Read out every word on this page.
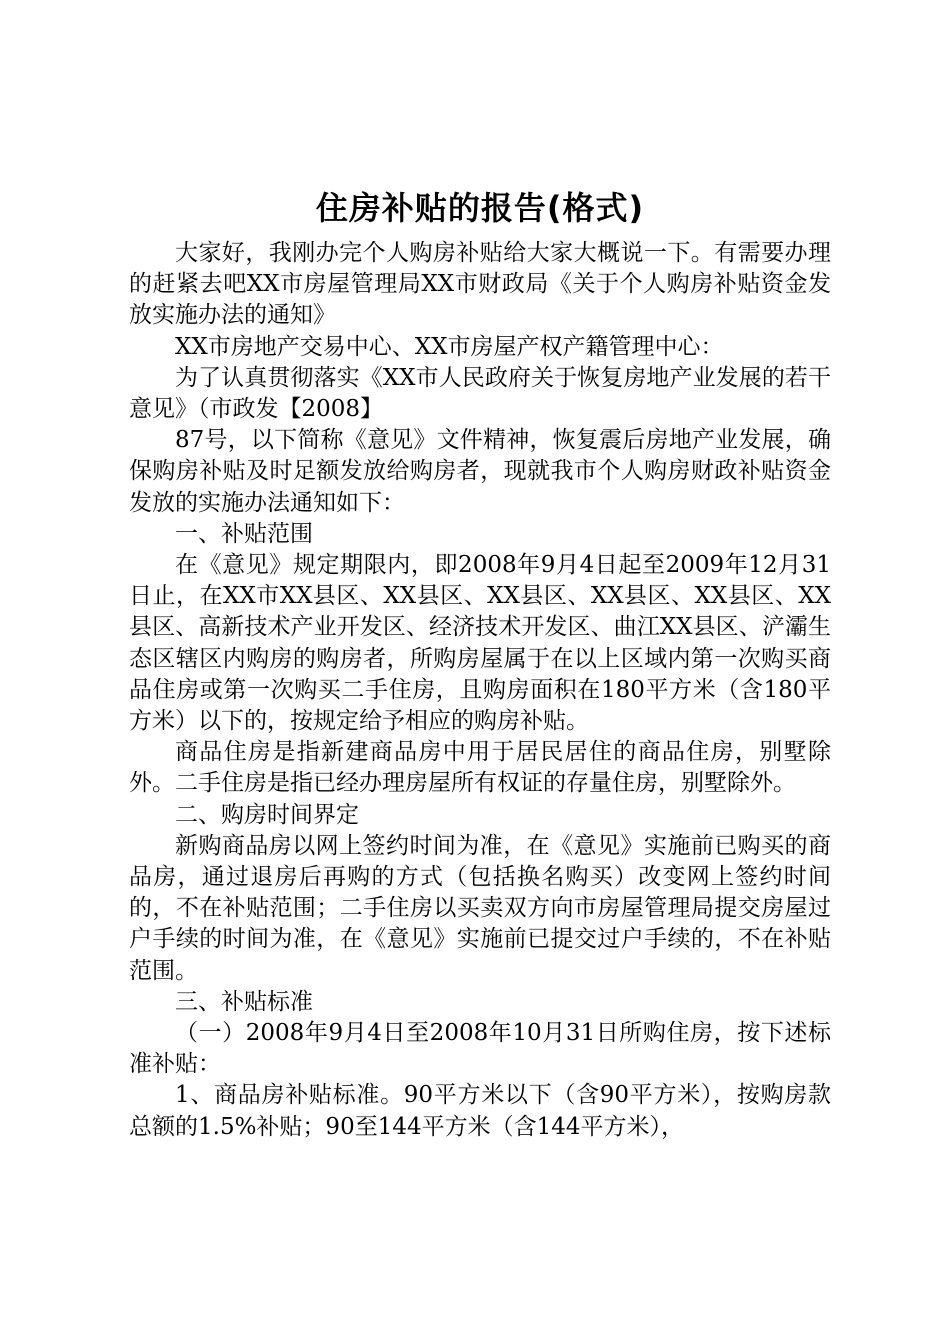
住房补贴的报告(格式)

大家好，我刚办完个人购房补贴给大家大概说一下。有需要办理的赶紧去吧XX市房屋管理局XX市财政局《关于个人购房补贴资金发放实施办法的通知》

XX市房地产交易中心、XX市房屋产权产籍管理中心：

为了认真贯彻落实《XX市人民政府关于恢复房地产业发展的若干意见》（市政发【2008】

87号，以下简称《意见》文件精神，恢复震后房地产业发展，确保购房补贴及时足额发放给购房者，现就我市个人购房财政补贴资金发放的实施办法通知如下：

一、补贴范围

在《意见》规定期限内，即2008年9月4日起至2009年12月31日止，在XX市XX县区、XX县区、XX县区、XX县区、XX县区、XX县区、高新技术产业开发区、经济技术开发区、曲江XX县区、浐灞生态区辖区内购房的购房者，所购房屋属于在以上区域内第一次购买商品住房或第一次购买二手住房，且购房面积在180平方米（含180平方米）以下的，按规定给予相应的购房补贴。

商品住房是指新建商品房中用于居民居住的商品住房，别墅除外。二手住房是指已经办理房屋所有权证的存量住房，别墅除外。

二、购房时间界定

新购商品房以网上签约时间为准，在《意见》实施前已购买的商品房，通过退房后再购的方式（包括换名购买）改变网上签约时间的，不在补贴范围；二手住房以买卖双方向市房屋管理局提交房屋过户手续的时间为准，在《意见》实施前已提交过户手续的，不在补贴范围。

三、补贴标准

（一）2008年9月4日至2008年10月31日所购住房，按下述标准补贴：

1、商品房补贴标准。90平方米以下（含90平方米），按购房款总额的1.5%补贴；90至144平方米（含144平方米），
